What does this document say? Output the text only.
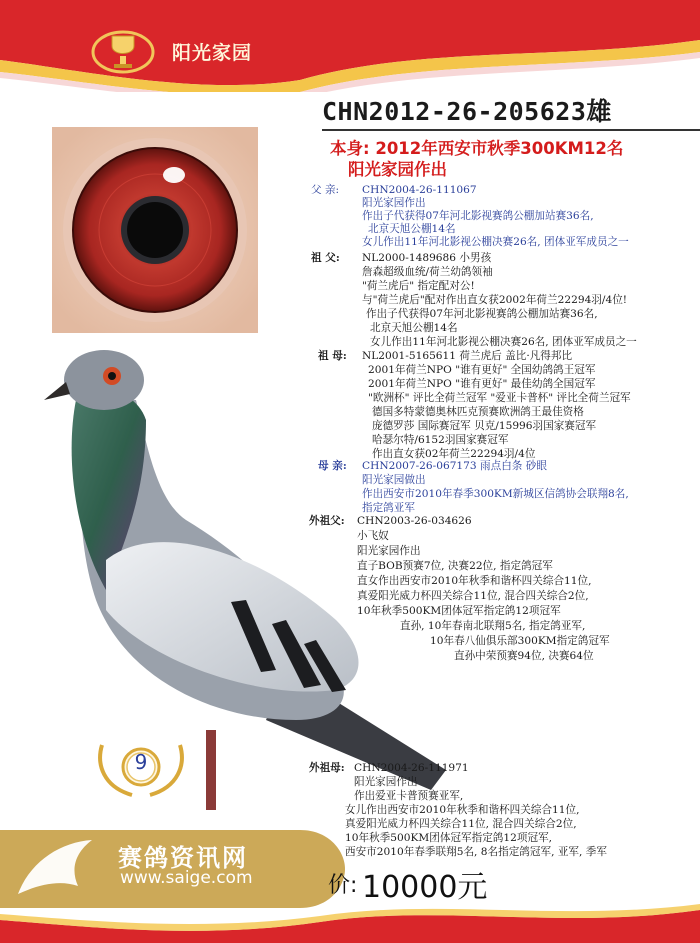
阳光家园
CHN2012-26-205623雄
本身: 2012年西安市秋季300KM12名
阳光家园作出
父 亲: CHN2004-26-111067
阳光家园作出
作出子代获得07年河北影视赛鸽公棚加站赛36名,
北京天旭公棚14名
女儿作出11年河北影视公棚决赛26名, 团体亚军成员之一
祖 父: NL2000-1489686 小男孩
詹森超级血统/荷兰幼鸽领袖
"荷兰虎后" 指定配对公!
与"荷兰虎后"配对作出直女获2002年荷兰22294羽/4位!
作出子代获得07年河北影视赛鸽公棚加站赛36名,
北京天旭公棚14名
女儿作出11年河北影视公棚决赛26名, 团体亚军成员之一
祖 母: NL2001-5165611 荷兰虎后 盖比·凡得邦比
2001年荷兰NPO "谁有更好" 全国幼鸽鸽王冠军
2001年荷兰NPO "谁有更好" 最佳幼鸽全国冠军
"欧洲杯" 评比全荷兰冠军 "爱亚卡普杯" 评比全荷兰冠军
德国多特蒙德奥林匹克预赛欧洲鸽王最佳资格
庞德罗莎 国际赛冠军 贝克/15996羽国家赛冠军
哈瑟尔特/6152羽国家赛冠军
作出直女获02年荷兰22294羽/4位
母 亲: CHN2007-26-067173 雨点白条 砂眼
阳光家园做出
作出西安市2010年春季300KM新城区信鸽协会联翔8名,
指定鸽亚军
外祖父: CHN2003-26-034626
小飞奴
阳光家园作出
直子BOB预赛7位, 决赛22位, 指定鸽冠军
直女作出西安市2010年秋季和谐杯四关综合11位,
真爱阳光威力杯四关综合11位, 混合四关综合2位,
10年秋季500KM团体冠军指定鸽12项冠军
直孙, 10年春南北联翔5名, 指定鸽亚军,
10年春八仙俱乐部300KM指定鸽冠军
直孙中荣预赛94位, 决赛64位
外祖母: CHN2004-26-111971
阳光家园作出
作出爱亚卡普预赛亚军,
女儿作出西安市2010年秋季和谐杯四关综合11位,
真爱阳光威力杯四关综合11位, 混合四关综合2位,
10年秋季500KM团体冠军指定鸽12项冠军,
西安市2010年春季联翔5名, 8名指定鸽冠军, 亚军, 季军
9
赛鸽资讯网
www.saige.com	价: 10000元
